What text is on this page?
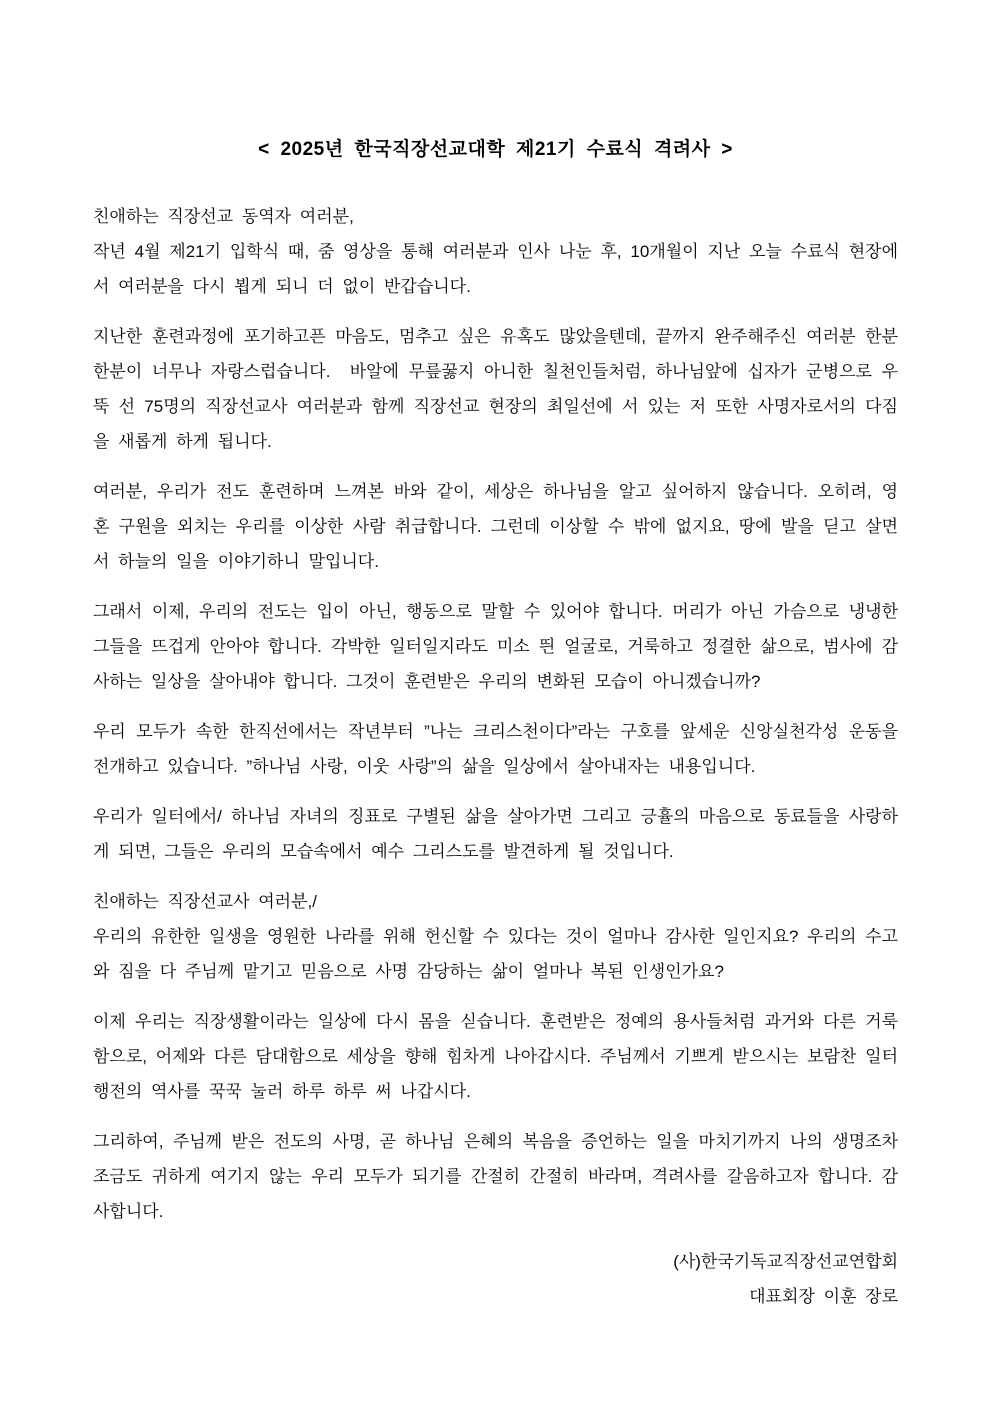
< 2025년 한국직장선교대학 제21기 수료식 격려사 >

친애하는 직장선교 동역자 여러분,
작년 4월 제21기 입학식 때, 줌 영상을 통해 여러분과 인사 나눈 후, 10개월이 지난 오늘 수료식 현장에서 여러분을 다시 뵙게 되니 더 없이 반갑습니다.

지난한 훈련과정에 포기하고픈 마음도, 멈추고 싶은 유혹도 많았을텐데, 끝까지 완주해주신 여러분 한분 한분이 너무나 자랑스럽습니다.  바알에 무릎꿇지 아니한 칠천인들처럼, 하나님앞에 십자가 군병으로 우뚝 선 75명의 직장선교사 여러분과 함께 직장선교 현장의 최일선에 서 있는 저 또한 사명자로서의 다짐을 새롭게 하게 됩니다.

여러분, 우리가 전도 훈련하며 느껴본 바와 같이, 세상은 하나님을 알고 싶어하지 않습니다. 오히려, 영혼 구원을 외치는 우리를 이상한 사람 취급합니다. 그런데 이상할 수 밖에 없지요, 땅에 발을 딛고 살면서 하늘의 일을 이야기하니 말입니다.

그래서 이제, 우리의 전도는 입이 아닌, 행동으로 말할 수 있어야 합니다. 머리가 아닌 가슴으로 냉냉한 그들을 뜨겁게 안아야 합니다. 각박한 일터일지라도 미소 띈 얼굴로, 거룩하고 정결한 삶으로, 범사에 감사하는 일상을 살아내야 합니다. 그것이 훈련받은 우리의 변화된 모습이 아니겠습니까?

우리 모두가 속한 한직선에서는 작년부터 ”나는 크리스천이다”라는 구호를 앞세운 신앙실천각성 운동을 전개하고 있습니다. ”하나님 사랑, 이웃 사랑”의 삶을 일상에서 살아내자는 내용입니다.

우리가 일터에서/ 하나님 자녀의 징표로 구별된 삶을 살아가면 그리고 긍휼의 마음으로 동료들을 사랑하게 되면, 그들은 우리의 모습속에서 예수 그리스도를 발견하게 될 것입니다.

친애하는 직장선교사 여러분,/
우리의 유한한 일생을 영원한 나라를 위해 헌신할 수 있다는 것이 얼마나 감사한 일인지요? 우리의 수고와 짐을 다 주님께 맡기고 믿음으로 사명 감당하는 삶이 얼마나 복된 인생인가요?

이제 우리는 직장생활이라는 일상에 다시 몸을 싣습니다. 훈련받은 정예의 용사들처럼 과거와 다른 거룩함으로, 어제와 다른 담대함으로 세상을 향해 힘차게 나아갑시다. 주님께서 기쁘게 받으시는 보람찬 일터행전의 역사를 꾹꾹 눌러 하루 하루 써 나갑시다.

그리하여, 주님께 받은 전도의 사명, 곧 하나님 은혜의 복음을 증언하는 일을 마치기까지 나의 생명조차 조금도 귀하게 여기지 않는 우리 모두가 되기를 간절히 간절히 바라며, 격려사를 갈음하고자 합니다. 감사합니다.

(사)한국기독교직장선교연합회
대표회장 이훈 장로
